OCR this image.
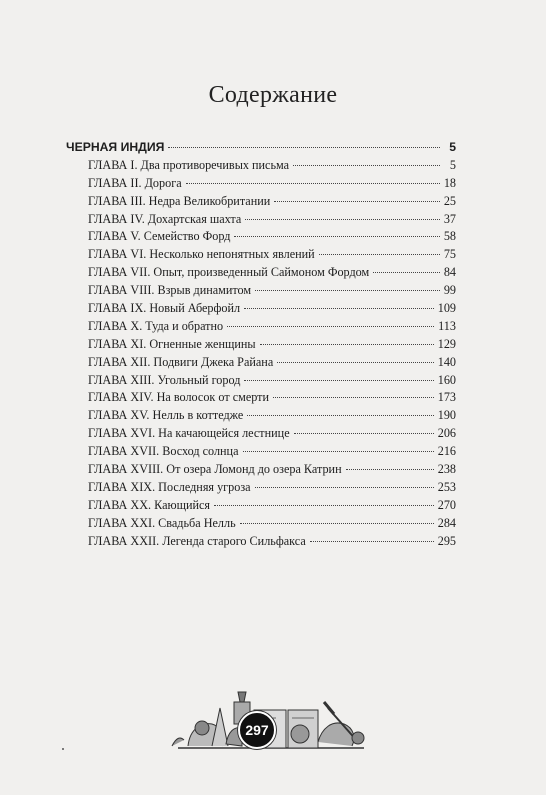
Содержание
ЧЕРНАЯ ИНДИЯ	5
ГЛАВА I. Два противоречивых письма	5
ГЛАВА II. Дорога	18
ГЛАВА III. Недра Великобритании	25
ГЛАВА IV. Дохартская шахта	37
ГЛАВА V. Семейство Форд	58
ГЛАВА VI. Несколько непонятных явлений	75
ГЛАВА VII. Опыт, произведенный Саймоном Фордом	84
ГЛАВА VIII. Взрыв динамитом	99
ГЛАВА IX. Новый Аберфойл	109
ГЛАВА X. Туда и обратно	113
ГЛАВА XI. Огненные женщины	129
ГЛАВА XII. Подвиги Джека Райана	140
ГЛАВА XIII. Угольный город	160
ГЛАВА XIV. На волосок от смерти	173
ГЛАВА XV. Нелль в коттедже	190
ГЛАВА XVI. На качающейся лестнице	206
ГЛАВА XVII. Восход солнца	216
ГЛАВА XVIII. От озера Ломонд до озера Катрин	238
ГЛАВА XIX. Последняя угроза	253
ГЛАВА XX. Кающийся	270
ГЛАВА XXI. Свадьба Нелль	284
ГЛАВА XXII. Легенда старого Сильфакса	295
297
